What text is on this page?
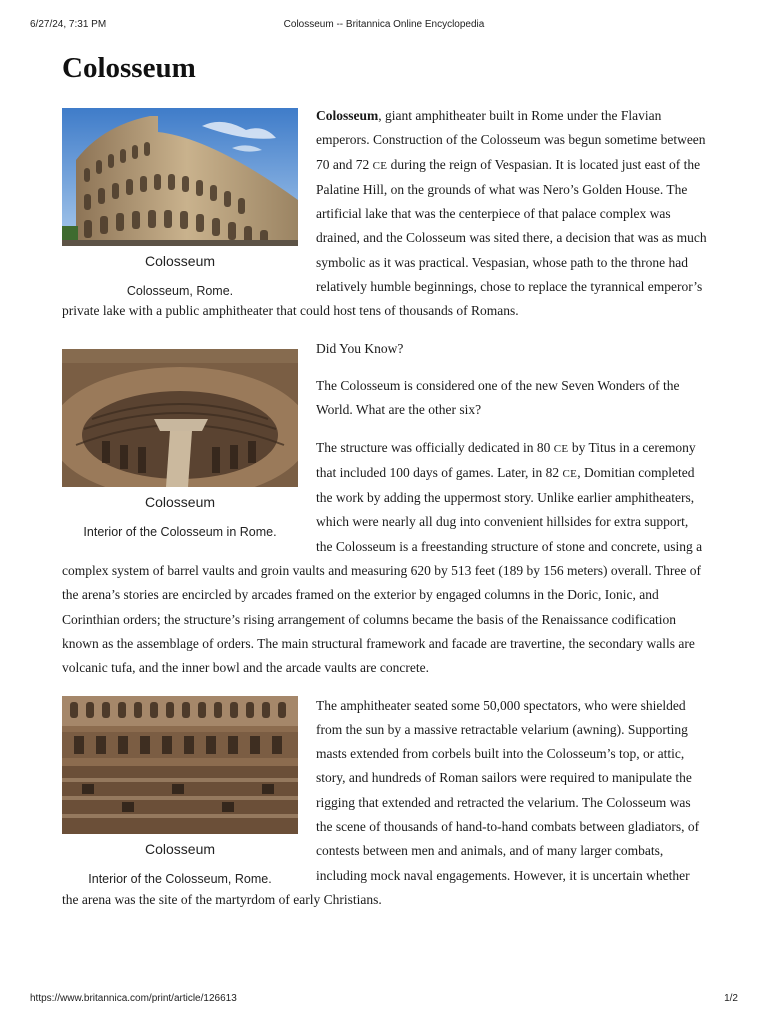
6/27/24, 7:31 PM	Colosseum -- Britannica Online Encyclopedia
Colosseum
Colosseum
Colosseum, Rome.

Colosseum, giant amphitheater built in Rome under the Flavian emperors. Construction of the Colosseum was begun sometime between 70 and 72 CE during the reign of Vespasian. It is located just east of the Palatine Hill, on the grounds of what was Nero’s Golden House. The artificial lake that was the centerpiece of that palace complex was drained, and the Colosseum was sited there, a decision that was as much symbolic as it was practical. Vespasian, whose path to the throne had relatively humble beginnings, chose to replace the tyrannical emperor’s private lake with a public amphitheater that could host tens of thousands of Romans.

Colosseum
Interior of the Colosseum in Rome.

Did You Know?

The Colosseum is considered one of the new Seven Wonders of the World. What are the other six?

The structure was officially dedicated in 80 CE by Titus in a ceremony that included 100 days of games. Later, in 82 CE, Domitian completed the work by adding the uppermost story. Unlike earlier amphitheaters, which were nearly all dug into convenient hillsides for extra support, the Colosseum is a freestanding structure of stone and concrete, using a complex system of barrel vaults and groin vaults and measuring 620 by 513 feet (189 by 156 meters) overall. Three of the arena’s stories are encircled by arcades framed on the exterior by engaged columns in the Doric, Ionic, and Corinthian orders; the structure’s rising arrangement of columns became the basis of the Renaissance codification known as the assemblage of orders. The main structural framework and facade are travertine, the secondary walls are volcanic tufa, and the inner bowl and the arcade vaults are concrete.

Colosseum
Interior of the Colosseum, Rome.

The amphitheater seated some 50,000 spectators, who were shielded from the sun by a massive retractable velarium (awning). Supporting masts extended from corbels built into the Colosseum’s top, or attic, story, and hundreds of Roman sailors were required to manipulate the rigging that extended and retracted the velarium. The Colosseum was the scene of thousands of hand-to-hand combats between gladiators, of contests between men and animals, and of many larger combats, including mock naval engagements. However, it is uncertain whether the arena was the site of the martyrdom of early Christians.

https://www.britannica.com/print/article/126613	1/2
